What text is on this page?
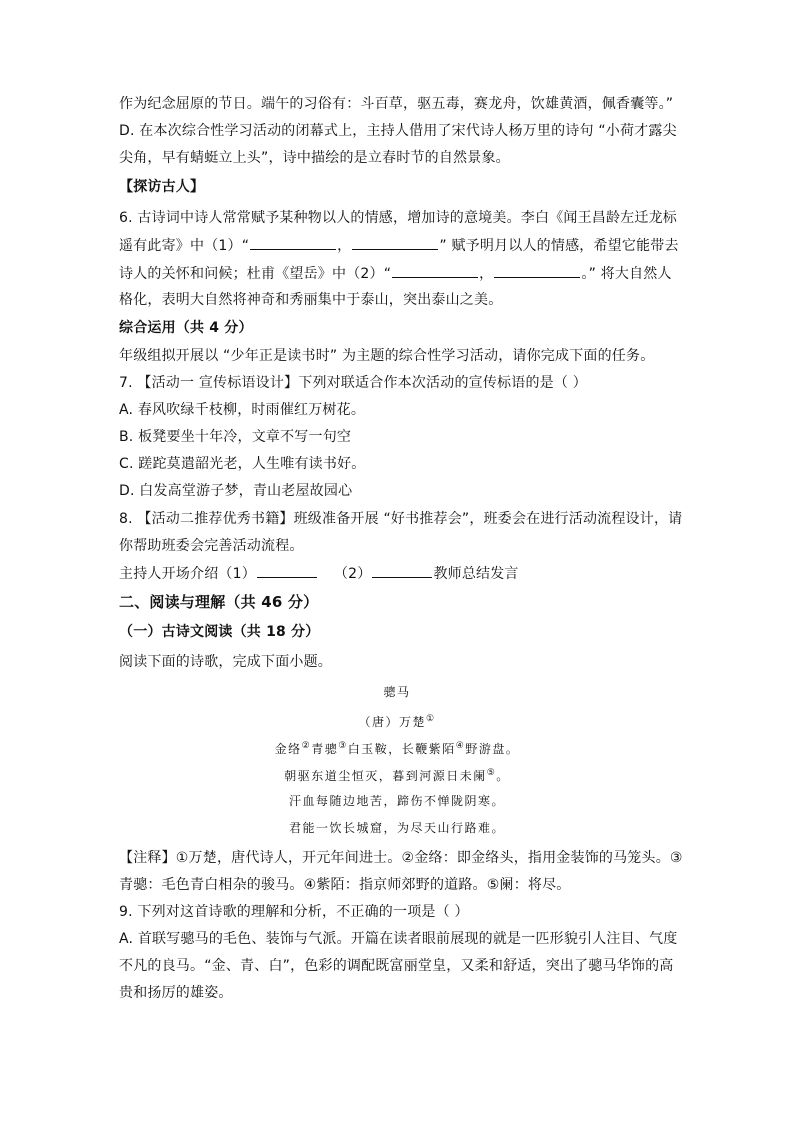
作为纪念屈原的节日。端午的习俗有：斗百草，驱五毒，赛龙舟，饮雄黄酒，佩香囊等。”
D. 在本次综合性学习活动的闭幕式上，主持人借用了宋代诗人杨万里的诗句 “小荷才露尖
尖角，早有蜻蜓立上头”，诗中描绘的是立春时节的自然景象。
【探访古人】
6. 古诗词中诗人常常赋予某种物以人的情感，增加诗的意境美。李白《闻王昌龄左迁龙标
遥有此寄》中（1）“	，	” 赋予明月以人的情感，希望它能带去
诗人的关怀和问候；杜甫《望岳》中（2）“	，	。” 将大自然人
格化，表明大自然将神奇和秀丽集中于泰山，突出泰山之美。
综合运用（共 4 分）
年级组拟开展以 “少年正是读书时” 为主题的综合性学习活动，请你完成下面的任务。
7. 【活动一 宣传标语设计】下列对联适合作本次活动的宣传标语的是（ ）
A. 春风吹绿千枝柳，时雨催红万树花。
B. 板凳要坐十年冷，文章不写一句空
C. 蹉跎莫遣韶光老，人生唯有读书好。
D. 白发高堂游子梦，青山老屋故园心
8. 【活动二推荐优秀书籍】班级准备开展 “好书推荐会”，班委会在进行活动流程设计，请
你帮助班委会完善活动流程。
主持人开场介绍（1）	（2）	教师总结发言
二、阅读与理解（共 46 分）
（一）古诗文阅读（共 18 分）
阅读下面的诗歌，完成下面小题。
骢马
（唐）万楚①
金络②青骢③白玉鞍，长鞭紫陌④野游盘。
朝驱东道尘恒灭，暮到河源日未阑⑤。
汗血每随边地苦，蹄伤不惮陇阴寒。
君能一饮长城窟，为尽天山行路难。
【注释】①万楚，唐代诗人，开元年间进士。②金络：即金络头，指用金装饰的马笼头。③
青骢：毛色青白相杂的骏马。④紫陌：指京师郊野的道路。⑤阑：将尽。
9. 下列对这首诗歌的理解和分析，不正确的一项是（ ）
A. 首联写骢马的毛色、装饰与气派。开篇在读者眼前展现的就是一匹形貌引人注目、气度
不凡的良马。“金、青、白”，色彩的调配既富丽堂皇，又柔和舒适，突出了骢马华饰的高
贵和扬厉的雄姿。
